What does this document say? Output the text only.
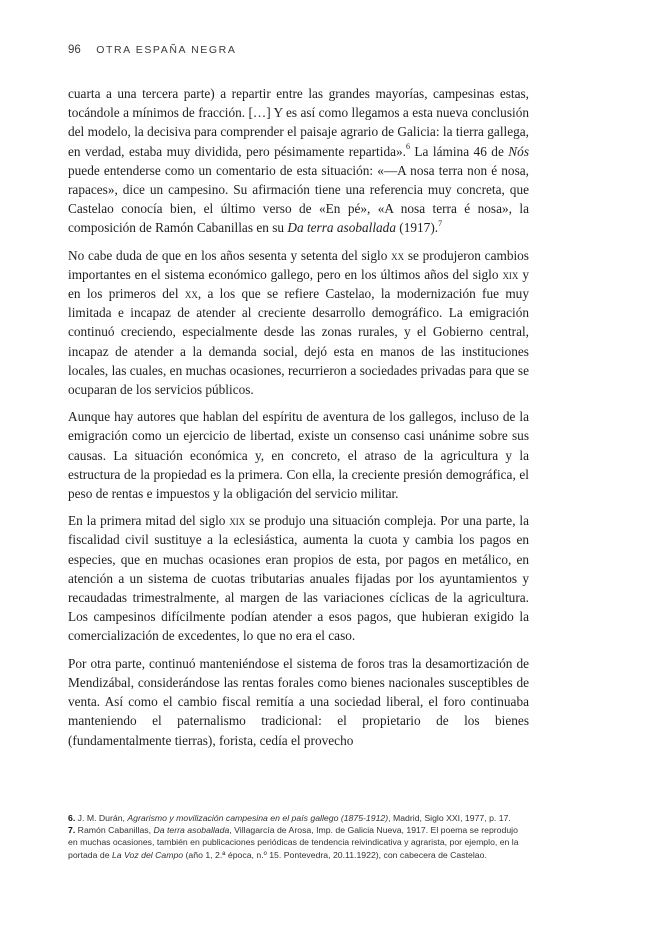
96 OTRA ESPAÑA NEGRA

cuarta a una tercera parte) a repartir entre las grandes mayorías, campesinas estas, tocándole a mínimos de fracción. […] Y es así como llegamos a esta nueva conclusión del modelo, la decisiva para comprender el paisaje agrario de Galicia: la tierra gallega, en verdad, estaba muy dividida, pero pésimamente repartida».$^6$ La lámina 46 de Nós puede entenderse como un comentario de esta situación: «—A nosa terra non é nosa, rapaces», dice un campesino. Su afirmación tiene una referencia muy concreta, que Castelao conocía bien, el último verso de «En pé», «A nosa terra é nosa», la composición de Ramón Cabanillas en su Da terra asoballada (1917).$^7$

No cabe duda de que en los años sesenta y setenta del siglo xx se produjeron cambios importantes en el sistema económico gallego, pero en los últimos años del siglo xix y en los primeros del xx, a los que se refiere Castelao, la modernización fue muy limitada e incapaz de atender al creciente desarrollo demográfico. La emigración continuó creciendo, especialmente desde las zonas rurales, y el Gobierno central, incapaz de atender a la demanda social, dejó esta en manos de las instituciones locales, las cuales, en muchas ocasiones, recurrieron a sociedades privadas para que se ocuparan de los servicios públicos.

Aunque hay autores que hablan del espíritu de aventura de los gallegos, incluso de la emigración como un ejercicio de libertad, existe un consenso casi unánime sobre sus causas. La situación económica y, en concreto, el atraso de la agricultura y la estructura de la propiedad es la primera. Con ella, la creciente presión demográfica, el peso de rentas e impuestos y la obligación del servicio militar.

En la primera mitad del siglo xix se produjo una situación compleja. Por una parte, la fiscalidad civil sustituye a la eclesiástica, aumenta la cuota y cambia los pagos en especies, que en muchas ocasiones eran propios de esta, por pagos en metálico, en atención a un sistema de cuotas tributarias anuales fijadas por los ayuntamientos y recaudadas trimestralmente, al margen de las variaciones cíclicas de la agricultura. Los campesinos difícilmente podían atender a esos pagos, que hubieran exigido la comercialización de excedentes, lo que no era el caso.

Por otra parte, continuó manteniéndose el sistema de foros tras la desamortización de Mendizábal, considerándose las rentas forales como bienes nacionales susceptibles de venta. Así como el cambio fiscal remitía a una sociedad liberal, el foro continuaba manteniendo el paternalismo tradicional: el propietario de los bienes (fundamentalmente tierras), forista, cedía el provecho

6. J. M. Durán, Agrarismo y movilización campesina en el país gallego (1875-1912), Madrid, Siglo XXI, 1977, p. 17.

7. Ramón Cabanillas, Da terra asoballada, Villagarcía de Arosa, Imp. de Galicia Nueva, 1917. El poema se reprodujo en muchas ocasiones, también en publicaciones periódicas de tendencia reivindicativa y agrarista, por ejemplo, en la portada de La Voz del Campo (año 1, 2.ª época, n.º 15. Pontevedra, 20.11.1922), con cabecera de Castelao.
